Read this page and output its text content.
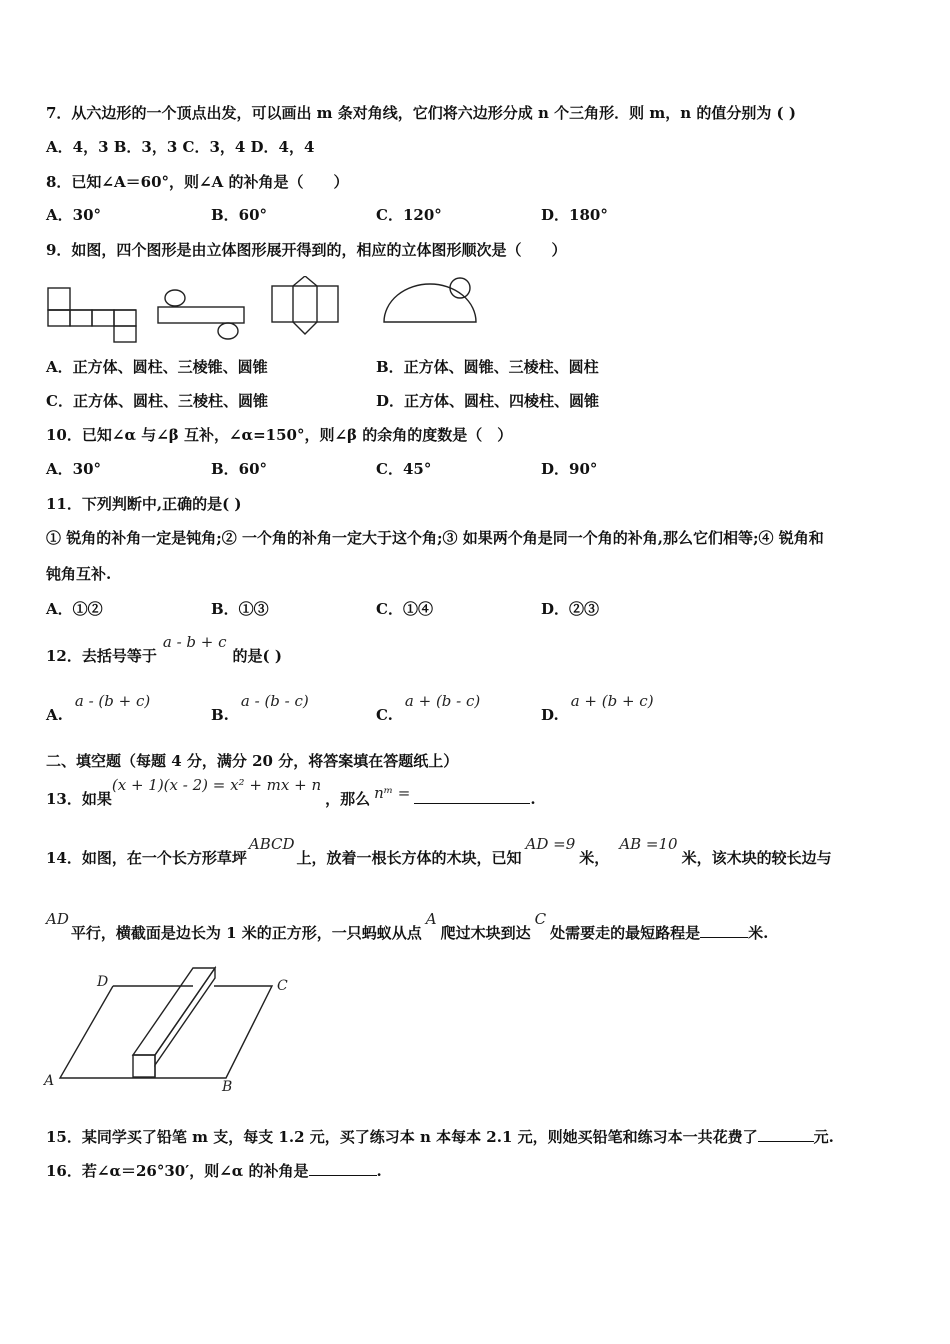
7．从六边形的一个顶点出发，可以画出 m 条对角线，它们将六边形分成 n 个三角形．则 m，n 的值分别为 ( )
A．4，3 B．3，3 C．3，4 D．4，4
8．已知∠A＝60°，则∠A 的补角是（　　）
A．30°	B．60°	C．120°	D．180°
9．如图，四个图形是由立体图形展开得到的，相应的立体图形顺次是（　　）
A．正方体、圆柱、三棱锥、圆锥	B．正方体、圆锥、三棱柱、圆柱
C．正方体、圆柱、三棱柱、圆锥	D．正方体、圆柱、四棱柱、圆锥
10．已知∠α 与∠β 互补，∠α=150°，则∠β 的余角的度数是（　）
A．30°	B．60°	C．45°	D．90°
11．下列判断中,正确的是( )
① 锐角的补角一定是钝角;② 一个角的补角一定大于这个角;③ 如果两个角是同一个角的补角,那么它们相等;④ 锐角和
钝角互补.
A．①②	B．①③	C．①④	D．②③
12．去括号等于a - b + c的是( )
A.a - (b + c)
B.a - (b - c)
C.a + (b - c)
D.a + (b + c)
二、填空题（每题 4 分，满分 20 分，将答案填在答题纸上）
13．如果(x + 1)(x - 2) = x² + mx + n，那么 nᵐ =	.
14．如图，在一个长方形草坪ABCD上，放着一根长方体的木块，已知AD =9米，AB =10米，该木块的较长边与
AD平行，横截面是边长为 1 米的正方形，一只蚂蚁从点A爬过木块到达C处需要走的最短路程是	米.
D	C
A	B
15．某同学买了铅笔 m 支，每支 1.2 元，买了练习本 n 本每本 2.1 元，则她买铅笔和练习本一共花费了	元.
16．若∠α＝26°30′，则∠α 的补角是	.
